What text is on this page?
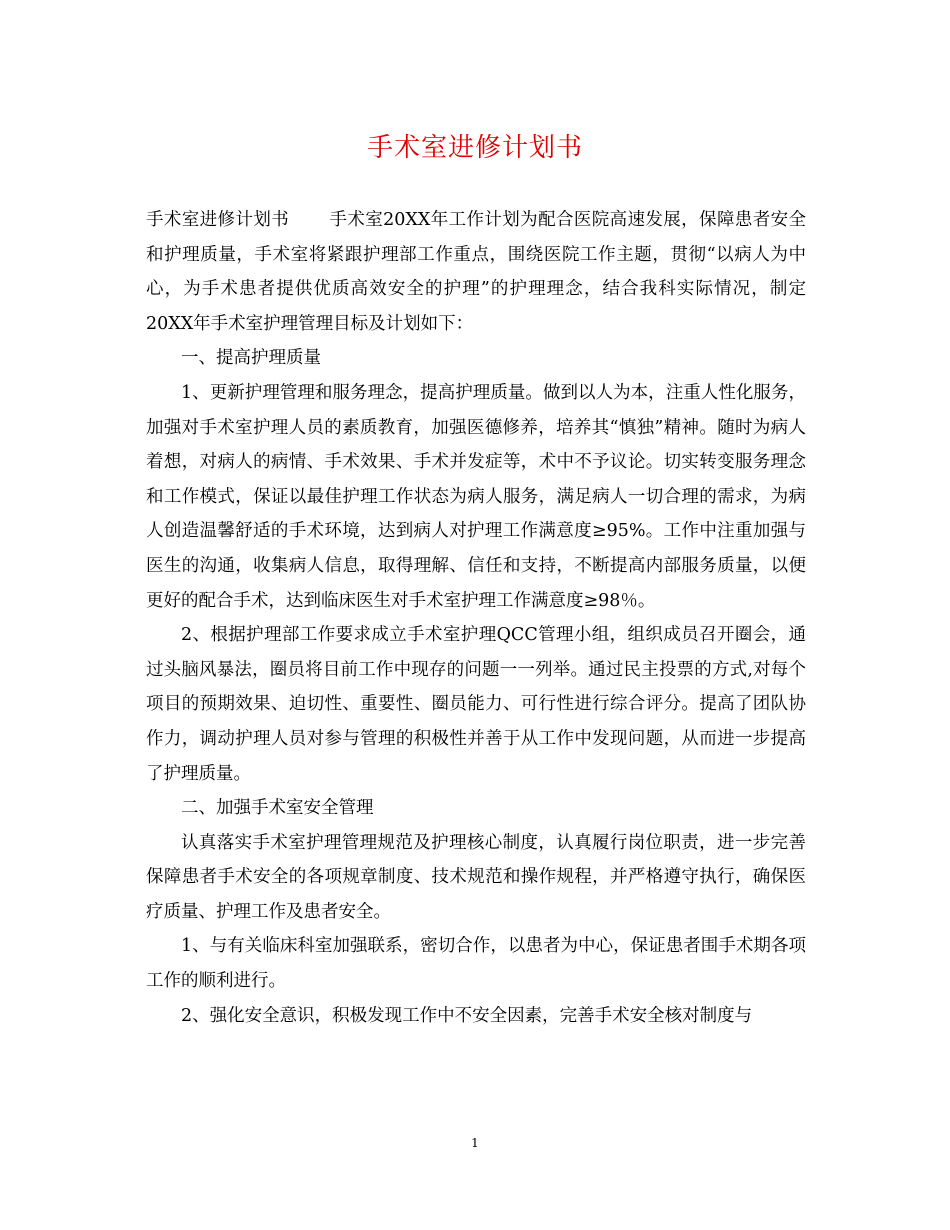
手术室进修计划书

手术室进修计划书 手术室20XX年工作计划为配合医院高速发展，保障患者安全和护理质量，手术室将紧跟护理部工作重点，围绕医院工作主题，贯彻“以病人为中心，为手术患者提供优质高效安全的护理”的护理理念，结合我科实际情况，制定20XX年手术室护理管理目标及计划如下：

一、提高护理质量

1、更新护理管理和服务理念，提高护理质量。做到以人为本，注重人性化服务，加强对手术室护理人员的素质教育，加强医德修养，培养其“慎独”精神。随时为病人着想，对病人的病情、手术效果、手术并发症等，术中不予议论。切实转变服务理念和工作模式，保证以最佳护理工作状态为病人服务，满足病人一切合理的需求，为病人创造温馨舒适的手术环境，达到病人对护理工作满意度≥95%。工作中注重加强与医生的沟通，收集病人信息，取得理解、信任和支持，不断提高内部服务质量，以便更好的配合手术，达到临床医生对手术室护理工作满意度≥98％。

2、根据护理部工作要求成立手术室护理QCC管理小组，组织成员召开圈会，通过头脑风暴法，圈员将目前工作中现存的问题一一列举。通过民主投票的方式,对每个项目的预期效果、迫切性、重要性、圈员能力、可行性进行综合评分。提高了团队协作力，调动护理人员对参与管理的积极性并善于从工作中发现问题，从而进一步提高了护理质量。

二、加强手术室安全管理

认真落实手术室护理管理规范及护理核心制度，认真履行岗位职责，进一步完善保障患者手术安全的各项规章制度、技术规范和操作规程，并严格遵守执行，确保医疗质量、护理工作及患者安全。

1、与有关临床科室加强联系，密切合作，以患者为中心，保证患者围手术期各项工作的顺利进行。

2、强化安全意识，积极发现工作中不安全因素，完善手术安全核对制度与

1
